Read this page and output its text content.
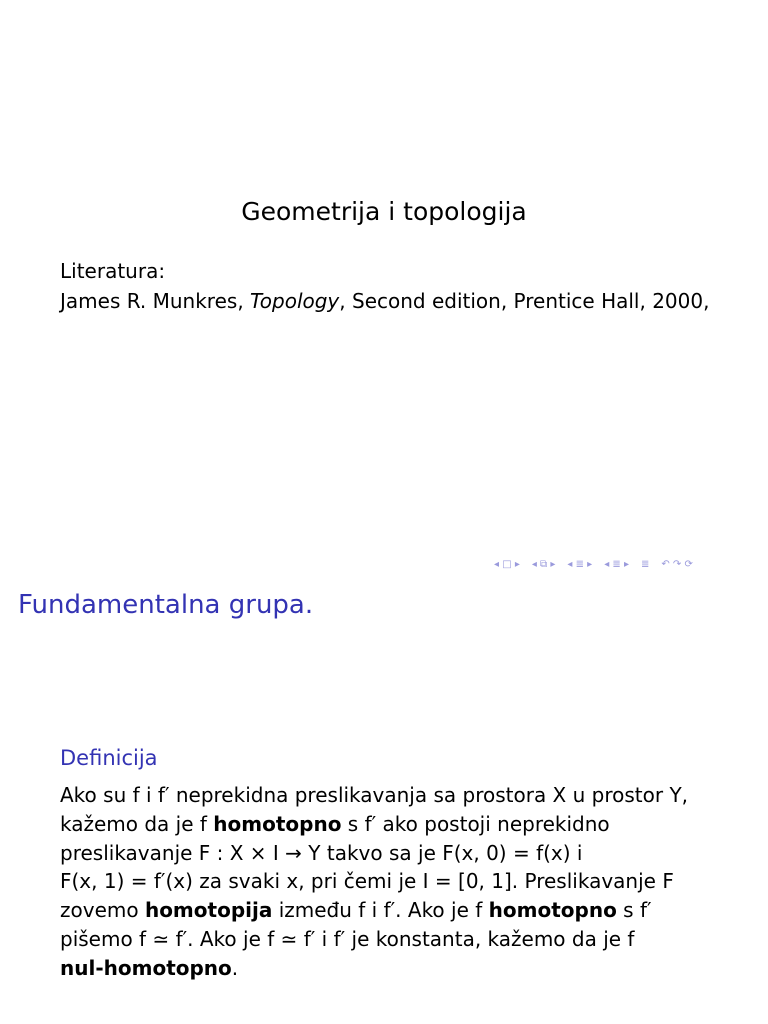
Geometrija i topologija
Literatura:
James R. Munkres, Topology, Second edition, Prentice Hall, 2000,
◂ □ ▸ ◂ ⧉ ▸ ◂ ≣ ▸ ◂ ≣ ▸ ≣ ↶ ↷ ⟳
Fundamentalna grupa.
Definicija
Ako su f i f′ neprekidna preslikavanja sa prostora X u prostor Y,
kažemo da je f homotopno s f′ ako postoji neprekidno
preslikavanje F : X × I → Y takvo sa je F(x, 0) = f(x) i
F(x, 1) = f′(x) za svaki x, pri čemi je I = [0, 1]. Preslikavanje F
zovemo homotopija između f i f′. Ako je f homotopno s f′
pišemo f ≃ f′. Ako je f ≃ f′ i f′ je konstanta, kažemo da je f
nul-homotopno.
